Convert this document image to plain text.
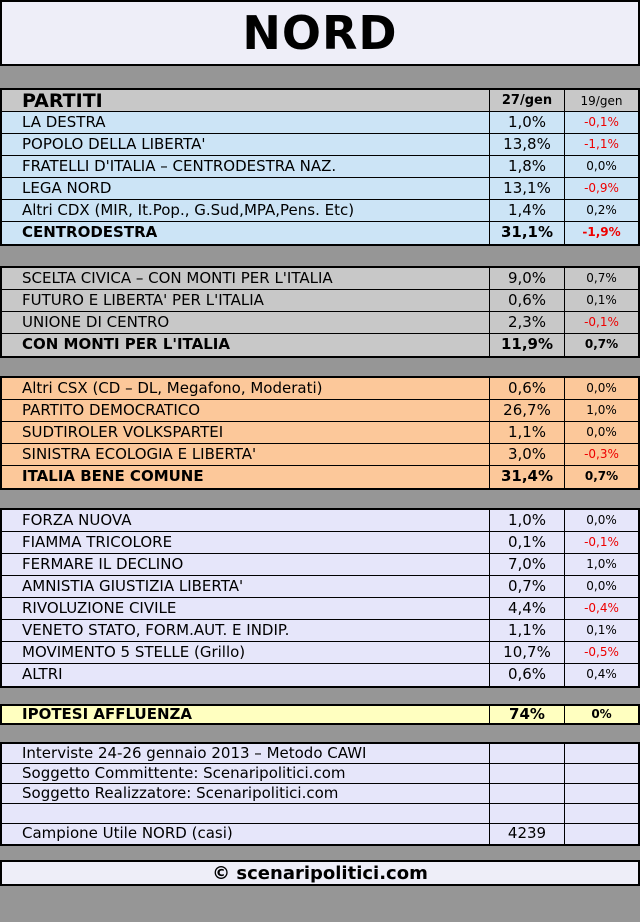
NORD
PARTITI	27/gen	19/gen
LA DESTRA	1,0%	-0,1%
POPOLO DELLA LIBERTA'	13,8%	-1,1%
FRATELLI D'ITALIA – CENTRODESTRA NAZ.	1,8%	0,0%
LEGA NORD	13,1%	-0,9%
Altri CDX (MIR, It.Pop., G.Sud,MPA,Pens. Etc)	1,4%	0,2%
CENTRODESTRA	31,1%	-1,9%
SCELTA CIVICA – CON MONTI PER L'ITALIA	9,0%	0,7%
FUTURO E LIBERTA' PER L'ITALIA	0,6%	0,1%
UNIONE DI CENTRO	2,3%	-0,1%
CON MONTI PER L'ITALIA	11,9%	0,7%
Altri CSX (CD – DL, Megafono, Moderati)	0,6%	0,0%
PARTITO DEMOCRATICO	26,7%	1,0%
SUDTIROLER VOLKSPARTEI	1,1%	0,0%
SINISTRA ECOLOGIA E LIBERTA'	3,0%	-0,3%
ITALIA BENE COMUNE	31,4%	0,7%
FORZA NUOVA	1,0%	0,0%
FIAMMA TRICOLORE	0,1%	-0,1%
FERMARE IL DECLINO	7,0%	1,0%
AMNISTIA GIUSTIZIA LIBERTA'	0,7%	0,0%
RIVOLUZIONE CIVILE	4,4%	-0,4%
VENETO STATO, FORM.AUT. E INDIP.	1,1%	0,1%
MOVIMENTO 5 STELLE (Grillo)	10,7%	-0,5%
ALTRI	0,6%	0,4%
IPOTESI AFFLUENZA	74%	0%
Interviste 24-26 gennaio 2013 – Metodo CAWI
Soggetto Committente: Scenaripolitici.com
Soggetto Realizzatore: Scenaripolitici.com
Campione Utile NORD (casi)	4239
© scenaripolitici.com
